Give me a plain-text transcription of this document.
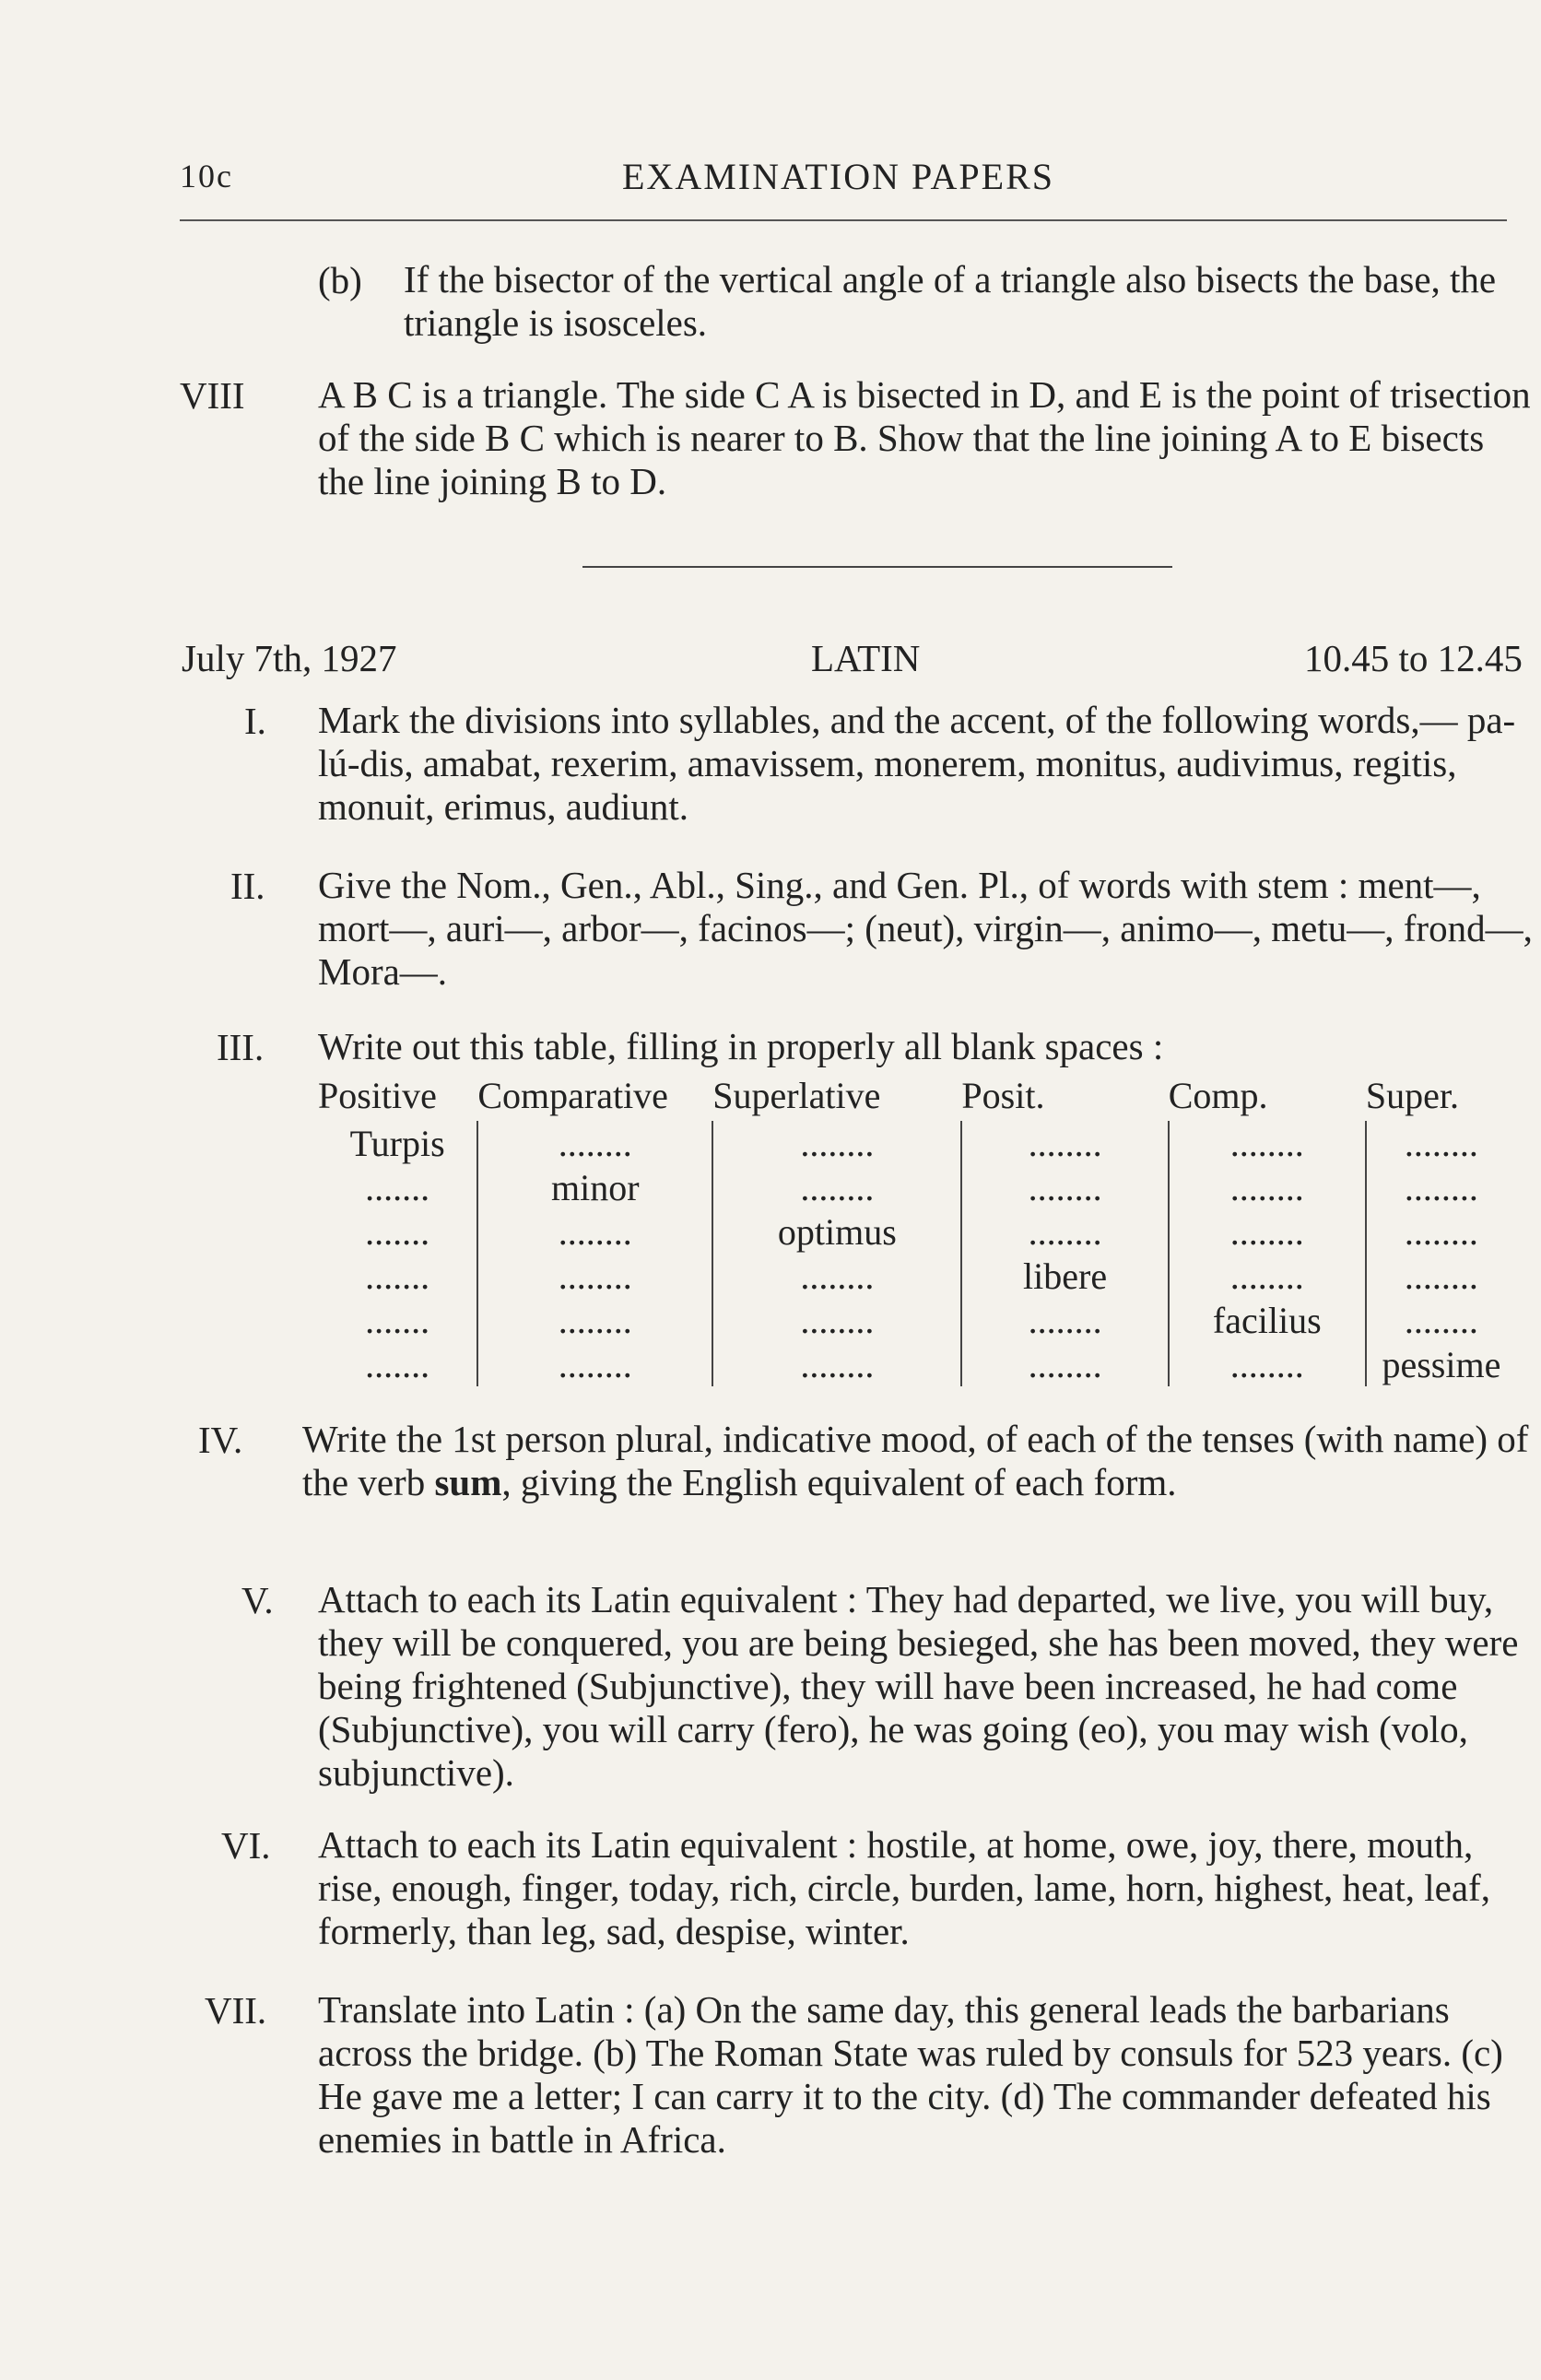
10c	EXAMINATION PAPERS
(b) If the bisector of the vertical angle of a triangle also bisects the base, the triangle is isosceles.
VIII A B C is a triangle. The side C A is bisected in D, and E is the point of trisection of the side B C which is nearer to B. Show that the line joining A to E bisects the line joining B to D.
July 7th, 1927	LATIN	10.45 to 12.45
I. Mark the divisions into syllables, and the accent, of the following words,— pa-lú-dis, amabat, rexerim, amavissem, monerem, monitus, audivimus, regitis, monuit, erimus, audiunt.
II. Give the Nom., Gen., Abl., Sing., and Gen. Pl., of words with stem : ment—, mort—, auri—, arbor—, facinos—; (neut), virgin—, animo—, metu—, frond—, Mora—.
III. Write out this table, filling in properly all blank spaces :
Positive	Comparative	Superlative	Posit.	Comp.	Super.
Turpis	........	........	........	........	........
.......	minor	........	........	........	........
.......	........	optimus	........	........	........
.......	........	........	libere	........	........
.......	........	........	........	facilius	........
.......	........	........	........	........	pessime
IV. Write the 1st person plural, indicative mood, of each of the tenses (with name) of the verb sum, giving the English equivalent of each form.
V. Attach to each its Latin equivalent : They had departed, we live, you will buy, they will be conquered, you are being besieged, she has been moved, they were being frightened (Subjunctive), they will have been increased, he had come (Subjunctive), you will carry (fero), he was going (eo), you may wish (volo, subjunctive).
VI. Attach to each its Latin equivalent : hostile, at home, owe, joy, there, mouth, rise, enough, finger, today, rich, circle, burden, lame, horn, highest, heat, leaf, formerly, than leg, sad, despise, winter.
VII. Translate into Latin : (a) On the same day, this general leads the barbarians across the bridge. (b) The Roman State was ruled by consuls for 523 years. (c) He gave me a letter; I can carry it to the city. (d) The commander defeated his enemies in battle in Africa.
